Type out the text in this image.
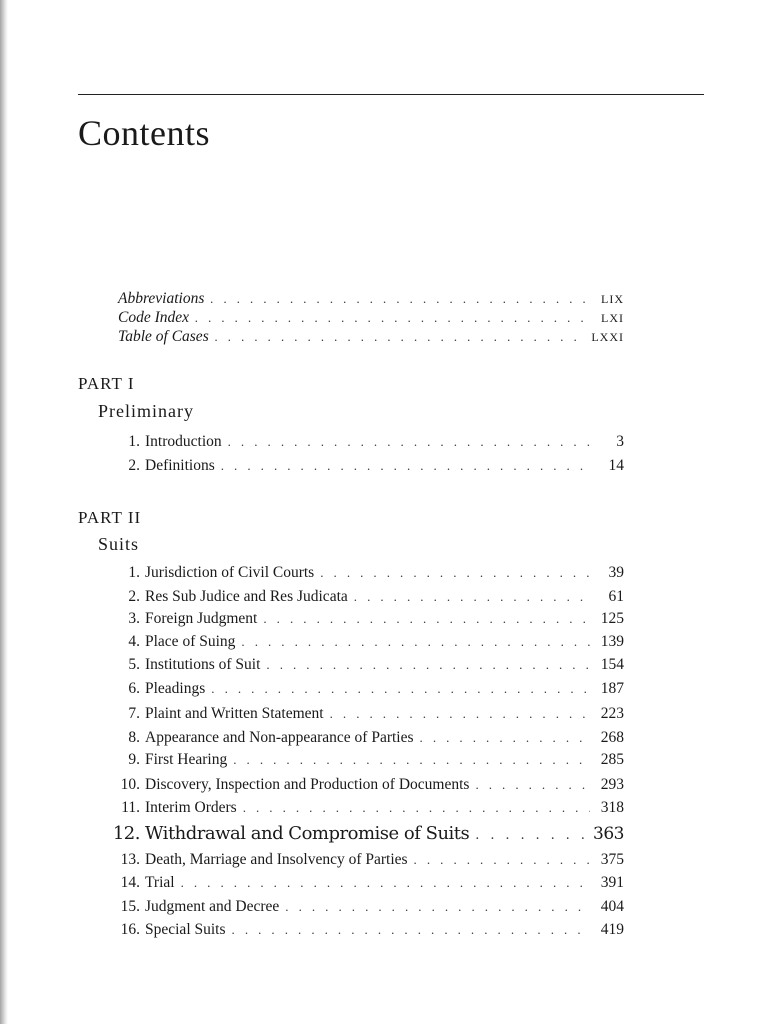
Contents
Abbreviations . . .	LIX
Code Index . . .	LXI
Table of Cases . . .	LXXI
PART I
Preliminary
1. Introduction . . .	3
2. Definitions . . .	14
PART II
Suits
1. Jurisdiction of Civil Courts . . .	39
2. Res Sub Judice and Res Judicata . . .	61
3. Foreign Judgment . . .	125
4. Place of Suing . . .	139
5. Institutions of Suit . . .	154
6. Pleadings . . .	187
7. Plaint and Written Statement . . .	223
8. Appearance and Non-appearance of Parties . . .	268
9. First Hearing . . .	285
10. Discovery, Inspection and Production of Documents . . .	293
11. Interim Orders . . .	318
12. Withdrawal and Compromise of Suits . . .	363
13. Death, Marriage and Insolvency of Parties . . .	375
14. Trial . . .	391
15. Judgment and Decree . . .	404
16. Special Suits . . .	419
